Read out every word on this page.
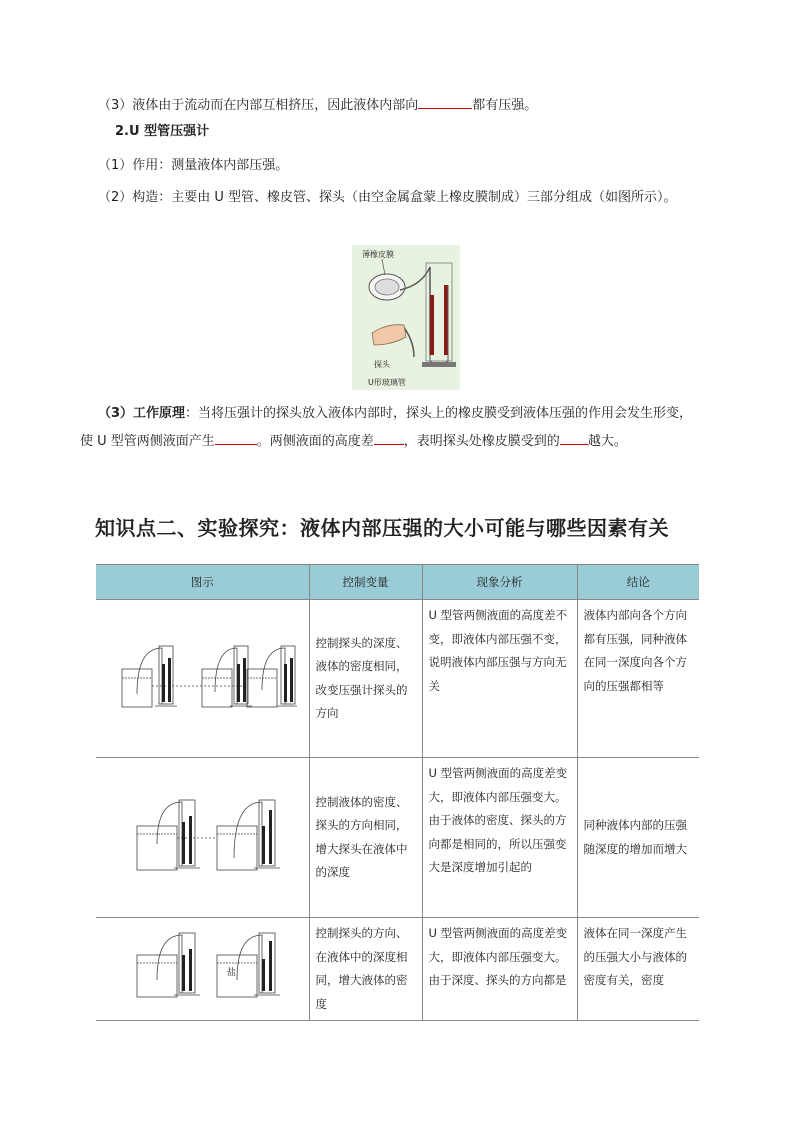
（3）液体由于流动而在内部互相挤压，因此液体内部向	都有压强。
2.U 型管压强计
（1）作用：测量液体内部压强。
（2）构造：主要由 U 型管、橡皮管、探头（由空金属盒蒙上橡皮膜制成）三部分组成（如图所示）。
薄橡皮膜
探头
U形玻璃管
（3）工作原理：当将压强计的探头放入液体内部时，探头上的橡皮膜受到液体压强的作用会发生形变，使 U 型管两侧液面产生	。两侧液面的高度差 ，表明探头处橡皮膜受到的 越大。
知识点二、实验探究：液体内部压强的大小可能与哪些因素有关
图示	控制变量	现象分析	结论
	控制探头的深度、液体的密度相同，改变压强计探头的方向	U 型管两侧液面的高度差不变，即液体内部压强不变，说明液体内部压强与方向无关	液体内部向各个方向都有压强，同种液体在同一深度向各个方向的压强都相等
	控制液体的密度、探头的方向相同，增大探头在液体中的深度	U 型管两侧液面的高度差变大，即液体内部压强变大。由于液体的密度、探头的方向都是相同的，所以压强变大是深度增加引起的	同种液体内部的压强随深度的增加而增大

盐	控制探头的方向、在液体中的深度相同，增大液体的密度	U 型管两侧液面的高度差变大，即液体内部压强变大。由于深度、探头的方向都是	液体在同一深度产生的压强大小与液体的密度有关，密度
